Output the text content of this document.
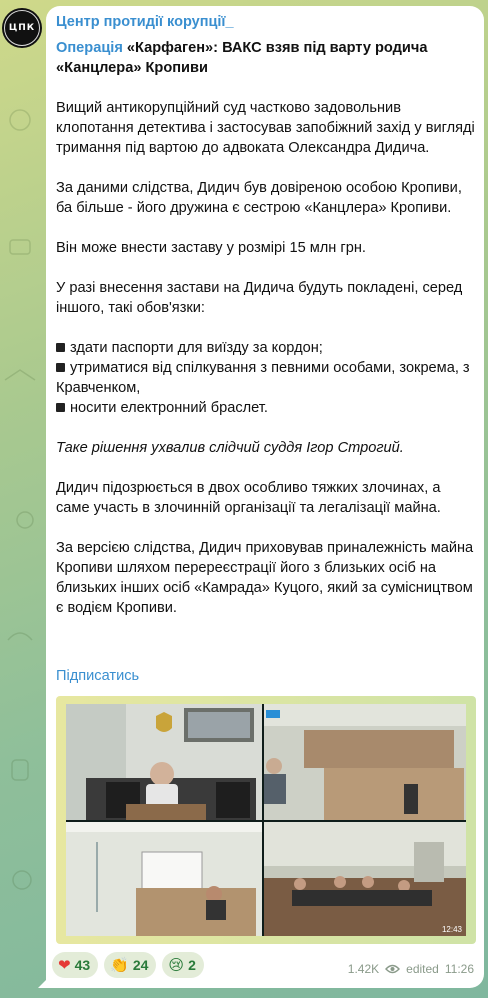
ЦПК Центр протидії корупції_

Операція «Карфаген»: ВАКС взяв під варту родича «Канцлера» Кропиви

Вищий антикорупційний суд частково задовольнив клопотання детектива і застосував запобіжний захід у вигляді тримання під вартою до адвоката Олександра Дидича.

За даними слідства, Дидич був довіреною особою Кропиви, ба більше - його дружина є сестрою «Канцлера» Кропиви.

Він може внести заставу у розмірі 15 млн грн.

У разі внесення застави на Дидича будуть покладені, серед іншого, такі обов'язки:

здати паспорти для виїзду за кордон;
утриматися від спілкування з певними особами, зокрема, з Кравченком,
носити електронний браслет.

Таке рішення ухвалив слідчий суддя Ігор Строгий.

Дидич підозрюється в двох особливо тяжких злочинах, а саме участь в злочинній організації та легалізації майна.

За версією слідства, Дидич приховував приналежність майна Кропиви шляхом перереєстрації його з близьких осіб на близьких інших осіб «Камрада» Куцого, який за сумісництвом є водієм Кропиви.

Підписатись
12:43
❤ 43 👏 24 😢 2	1.42K edited 11:26
